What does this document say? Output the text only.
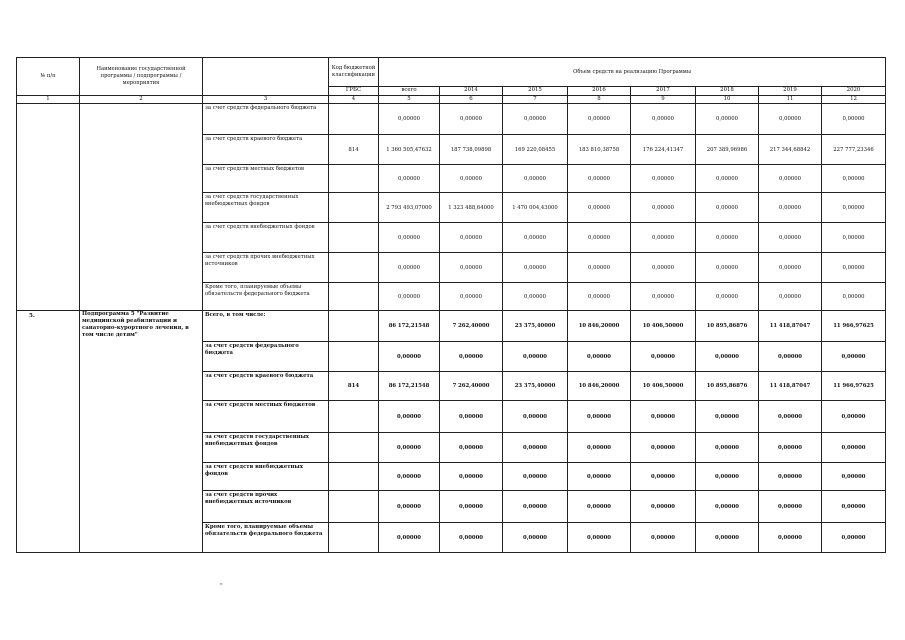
№ п/п	Наименование государственной программы / подпрограммы / мероприятия		Код бюджетной классификации	Объем средств на реализацию Программы							
			ГРБС	всего	2014	2015	2016	2017	2018	2019	2020
1	2	3	4	5	6	7	8	9	10	11	12
		за счет средств федерального бюджета		0,00000	0,00000	0,00000	0,00000	0,00000	0,00000	0,00000	0,00000
		за счет средств краевого бюджета	814	1 360 505,47632	187 738,09898	169 220,08455	183 810,38758	176 224,41347	207 389,96986	217 344,68842	227 777,23346
		за счет средств местных бюджетов		0,00000	0,00000	0,00000	0,00000	0,00000	0,00000	0,00000	0,00000
		за счет средств государственных внебюджетных фондов		2 793 493,07000	1 323 488,64000	1 470 004,43000	0,00000	0,00000	0,00000	0,00000	0,00000
		за счет средств внебюджетных фондов		0,00000	0,00000	0,00000	0,00000	0,00000	0,00000	0,00000	0,00000
		за счет средств прочих внебюджетных источников		0,00000	0,00000	0,00000	0,00000	0,00000	0,00000	0,00000	0,00000
		Кроме того, планируемые объемы обязательств федерального бюджета		0,00000	0,00000	0,00000	0,00000	0,00000	0,00000	0,00000	0,00000
5.	Подпрограмма 5 "Развитие медицинской реабилитации и санаторно-курортного лечения, в том числе детям"	Всего, в том числе:		86 172,21548	7 262,40000	23 375,40000	10 846,20000	10 406,50000	10 895,86876	11 418,87047	11 966,97625
		за счет средств федерального бюджета		0,00000	0,00000	0,00000	0,00000	0,00000	0,00000	0,00000	0,00000
		за счет средств краевого бюджета	814	86 172,21548	7 262,40000	23 375,40000	10 846,20000	10 406,50000	10 895,86876	11 418,87047	11 966,97625
		за счет средств местных бюджетов		0,00000	0,00000	0,00000	0,00000	0,00000	0,00000	0,00000	0,00000
		за счет средств государственных внебюджетных фондов		0,00000	0,00000	0,00000	0,00000	0,00000	0,00000	0,00000	0,00000
		за счет средств внебюджетных фондов		0,00000	0,00000	0,00000	0,00000	0,00000	0,00000	0,00000	0,00000
		за счет средств прочих внебюджетных источников		0,00000	0,00000	0,00000	0,00000	0,00000	0,00000	0,00000	0,00000
		Кроме того, планируемые объемы обязательств федерального бюджета		0,00000	0,00000	0,00000	0,00000	0,00000	0,00000	0,00000	0,00000
"
